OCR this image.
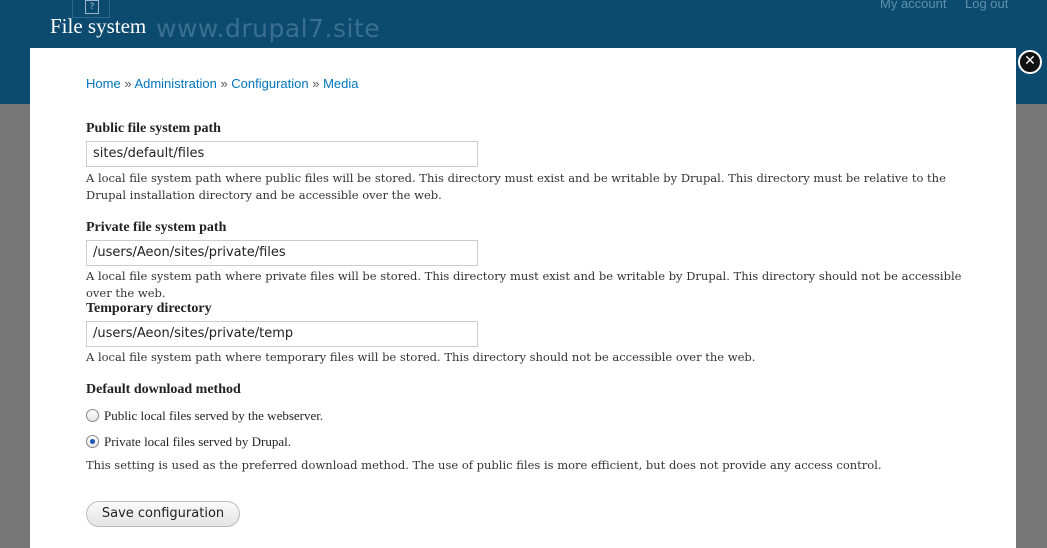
?
www.drupal7.site
My account Log out
File system
✕
Home » Administration » Configuration » Media
Public file system path
sites/default/files
A local file system path where public files will be stored. This directory must exist and be writable by Drupal. This directory must be relative to the Drupal installation directory and be accessible over the web.
Private file system path
/users/Aeon/sites/private/files
A local file system path where private files will be stored. This directory must exist and be writable by Drupal. This directory should not be accessible over the web.
Temporary directory
/users/Aeon/sites/private/temp
A local file system path where temporary files will be stored. This directory should not be accessible over the web.
Default download method
Public local files served by the webserver.
Private local files served by Drupal.
This setting is used as the preferred download method. The use of public files is more efficient, but does not provide any access control.
Save configuration
